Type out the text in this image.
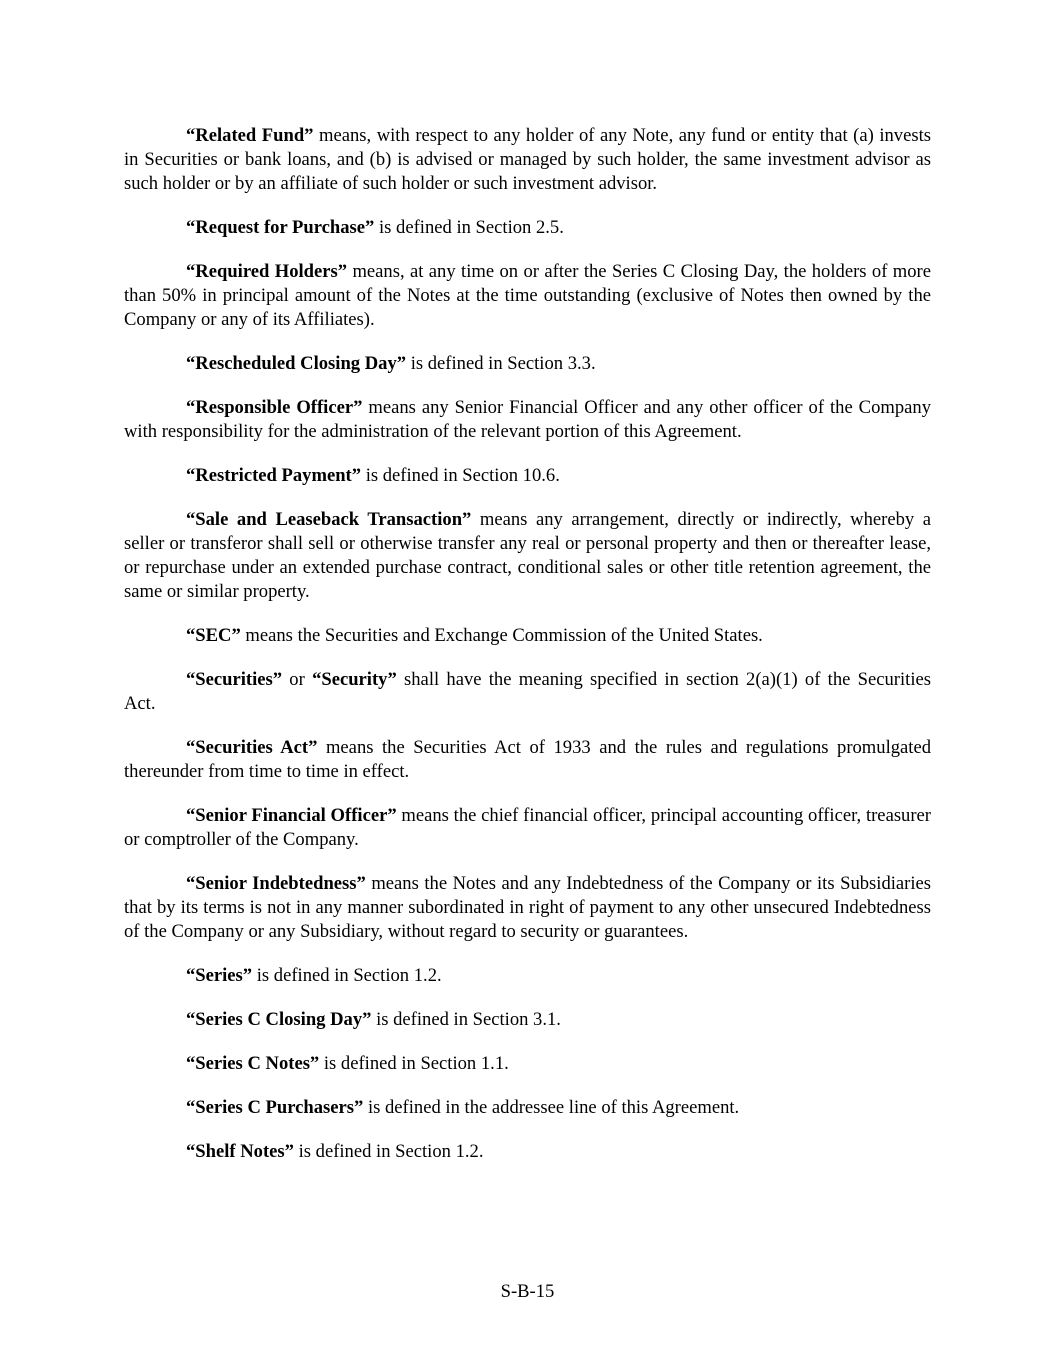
“Related Fund” means, with respect to any holder of any Note, any fund or entity that (a) invests in Securities or bank loans, and (b) is advised or managed by such holder, the same investment advisor as such holder or by an affiliate of such holder or such investment advisor.

“Request for Purchase” is defined in Section 2.5.

“Required Holders” means, at any time on or after the Series C Closing Day, the holders of more than 50% in principal amount of the Notes at the time outstanding (exclusive of Notes then owned by the Company or any of its Affiliates).

“Rescheduled Closing Day” is defined in Section 3.3.

“Responsible Officer” means any Senior Financial Officer and any other officer of the Company with responsibility for the administration of the relevant portion of this Agreement.

“Restricted Payment” is defined in Section 10.6.

“Sale and Leaseback Transaction” means any arrangement, directly or indirectly, whereby a seller or transferor shall sell or otherwise transfer any real or personal property and then or thereafter lease, or repurchase under an extended purchase contract, conditional sales or other title retention agreement, the same or similar property.

“SEC” means the Securities and Exchange Commission of the United States.

“Securities” or “Security” shall have the meaning specified in section 2(a)(1) of the Securities Act.

“Securities Act” means the Securities Act of 1933 and the rules and regulations promulgated thereunder from time to time in effect.

“Senior Financial Officer” means the chief financial officer, principal accounting officer, treasurer or comptroller of the Company.

“Senior Indebtedness” means the Notes and any Indebtedness of the Company or its Subsidiaries that by its terms is not in any manner subordinated in right of payment to any other unsecured Indebtedness of the Company or any Subsidiary, without regard to security or guarantees.

“Series” is defined in Section 1.2.

“Series C Closing Day” is defined in Section 3.1.

“Series C Notes” is defined in Section 1.1.

“Series C Purchasers” is defined in the addressee line of this Agreement.

“Shelf Notes” is defined in Section 1.2.

S-B-15
